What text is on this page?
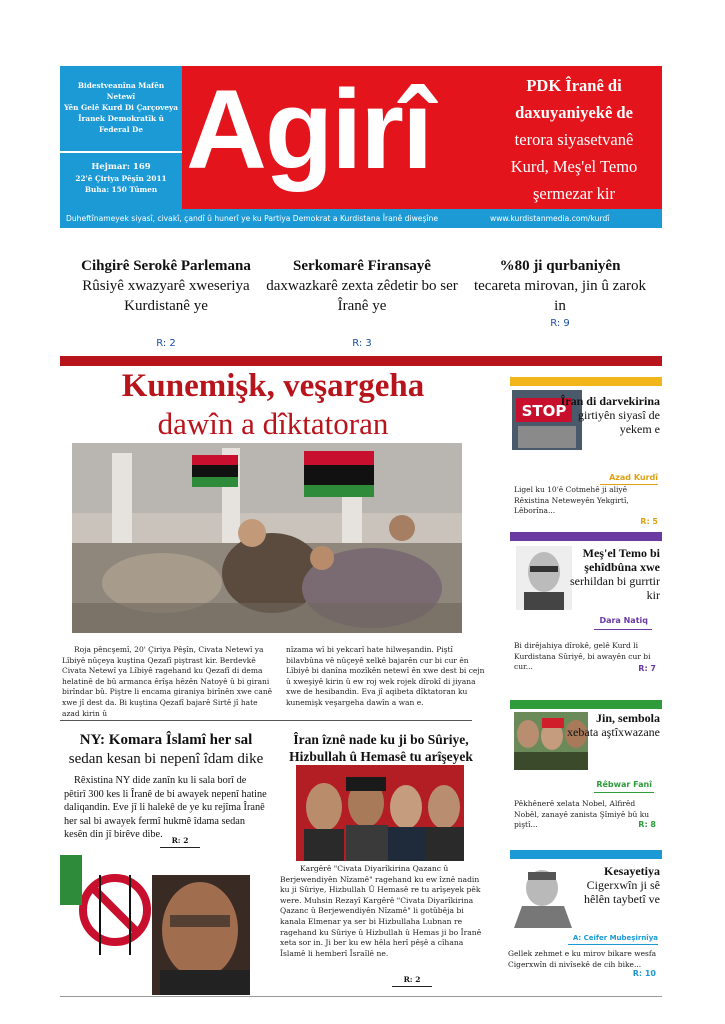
Bidestveanîna Mafên
Netewî
Yên Gelê Kurd Di Çarçoveya
Îranek Demokratîk û
Federal De
Hejmar: 169
22'ê Çiriya Pêşîn 2011
Buha: 150 Tûmen Agirî	PDK Îranê di
daxuyaniyekê de
terora siyasetvanê
Kurd, Meş'el Temo
şermezar kir
Duheftînameyek siyasî, civakî, çandî û hunerî ye ku Partiya Demokrat a Kurdistana Îranê diweşîne	www.kurdistanmedia.com/kurdî
Cihgirê Serokê Parlemana
Rûsiyê xwazyarê xweseriya Kurdistanê ye
R: 2
Serkomarê Firansayê
daxwazkarê zexta zêdetir bo ser Îranê ye
R: 3
%80 ji qurbaniyên
tecareta mirovan, jin û zarok in
R: 9
Kunemişk, veşargeha
dawîn a dîktatoran
Roja pêncşemî, 20' Çiriya Pêşîn, Civata Netewî ya Lîbiyê nûçeya kuştina Qezafî piştrast kir. Berdevkê Civata Netewî ya Lîbiyê ragehand ku Qezafî di dema helatinê de bû armanca êrîşa hêzên Natoyê û bi girani birîndar bû. Piştre li encama giraniya birînên xwe canê xwe jî dest da. Bi kuştina Qezafî bajarê Sirtê jî hate azad kirin û
nîzama wî bi yekcarî hate hilweşandin. Piştî bilavbûna vê nûçeyê xelkê bajarên cur bi cur ên Lîbiyê bi danîna mozîkên netewî ên xwe dest bi cejn û xweşiyê kirin û ew roj wek rojek dîrokî di jiyana xwe de hesibandin. Eva jî aqibeta dîktatoran ku kunemişk veşargeha dawîn a wan e.
NY: Komara Îslamî her sal
sedan kesan bi nepenî îdam dike
Rêxistina NY dide zanîn ku li sala borî de pêtirî 300 kes li Îranê de bi awayek nepenî hatine daliqandin. Eve jî li halekê de ye ku rejîma Îranê her sal bi awayek fermî hukmê îdama sedan kesên din jî birêve dibe.
R: 2
Îran îznê nade ku ji bo Sûriye,
Hizbullah û Hemasê tu arîşeyek
Kargêrê "Civata Diyarîkirina Qazanc û Berjewendiyên Nîzamê" ragehand ku ew îznê nadin ku ji Sûriye, Hizbullah Û Hemasê re tu arîşeyek pêk were. Muhsin Rezayî Kargêrê "Civata Diyarîkirina Qazanc û Berjewendiyên Nîzamê" li gotûbêja bi kanala Elmenar ya ser bi Hizbullaha Lubnan re ragehand ku Sûriye û Hizbullah û Hemas ji bo Îranê xeta sor in. Ji ber ku ew hêla herî pêşê a cîhana Îslamê li hemberî Îsraîlê ne.
R: 2
STOP
Îran di darvekirina
girtiyên siyasî de yekem e
Azad Kurdî
Ligel ku 10'ê Cotmehê ji aliyê Rêxistina Neteweyên Yekgirtî, Lêborîna...
R: 5
Meş'el Temo bi şehîdbûna xwe
serhildan bi gurrtir kir
Dara Natiq
Bi dirêjahiya dîrokê, gelê Kurd li Kurdistana Sûriyê, bi awayên cur bi cur...	R: 7
Jin, sembola
xebata aştîxwazane
Rêbwar Fanî
Pêkhênerê xelata Nobel, Alfirêd Nobêl, zanayê zanista Şîmiyê bû ku piştî...	R: 8
Kesayetiya
Cigerxwîn ji sê hêlên taybetî ve
A: Ceifer Mubeşirnîya
Gellek zehmet e ku mirov bikare wesfa Cigerxwîn di nivîsekê de cih bike...
R: 10
